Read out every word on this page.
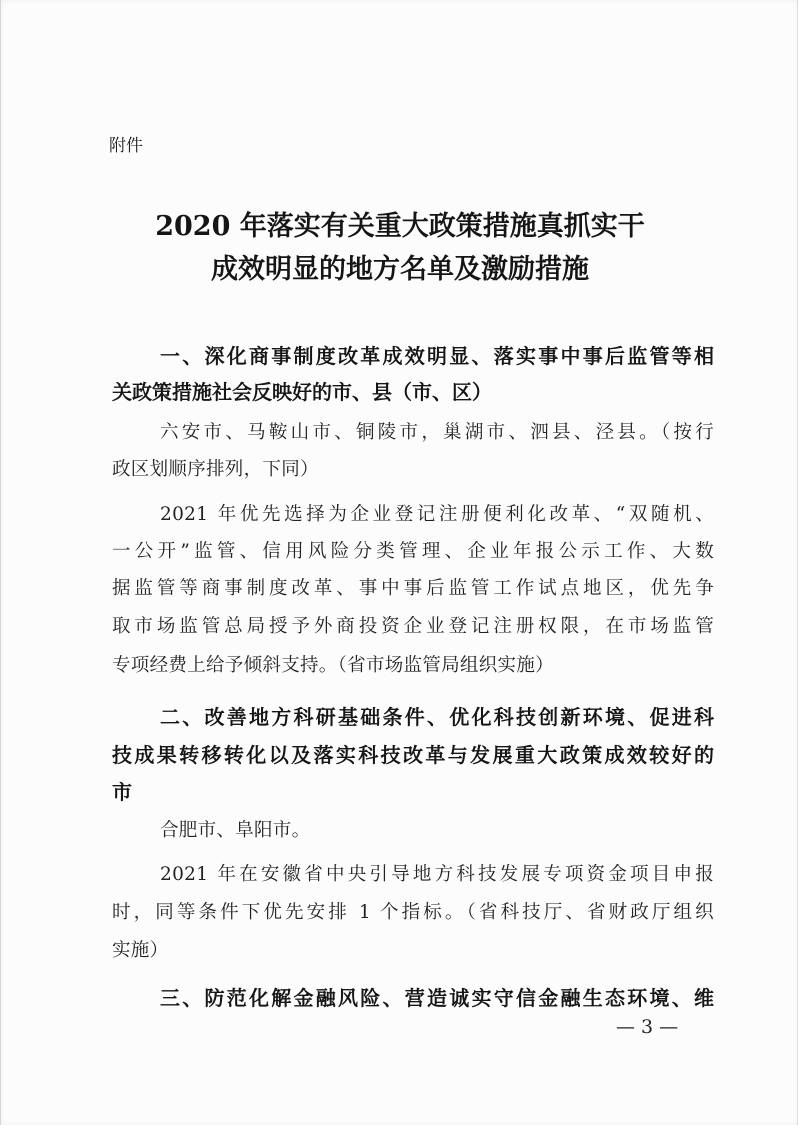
附件

2020 年落实有关重大政策措施真抓实干

成效明显的地方名单及激励措施

一、深化商事制度改革成效明显、落实事中事后监管等相

关政策措施社会反映好的市、县（市、区）

六安市、马鞍山市、铜陵市，巢湖市、泗县、泾县。（按行

政区划顺序排列，下同）

2021 年优先选择为企业登记注册便利化改革、“双随机、

一公开”监管、信用风险分类管理、企业年报公示工作、大数

据监管等商事制度改革、事中事后监管工作试点地区，优先争

取市场监管总局授予外商投资企业登记注册权限，在市场监管

专项经费上给予倾斜支持。（省市场监管局组织实施）

二、改善地方科研基础条件、优化科技创新环境、促进科

技成果转移转化以及落实科技改革与发展重大政策成效较好的

市

合肥市、阜阳市。

2021 年在安徽省中央引导地方科技发展专项资金项目申报

时，同等条件下优先安排 1 个指标。（省科技厅、省财政厅组织

实施）

三、防范化解金融风险、营造诚实守信金融生态环境、维

— 3 —
